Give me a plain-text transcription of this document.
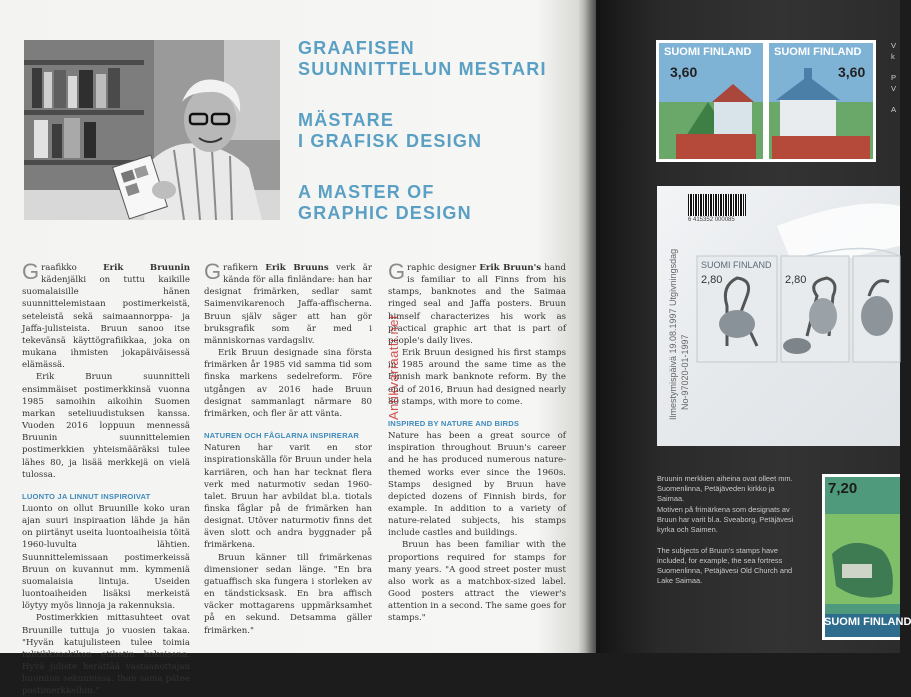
GRAAFISEN
SUUNNITTELUN MESTARI
MÄSTARE
I GRAFISK DESIGN
A MASTER OF
GRAPHIC DESIGN

Graafikko Erik Bruunin kädenjälki on tuttu kaikille suomalaisille hänen suunnittelemistaan postimerkeistä, seteleistä sekä saimaannorppa- ja Jaffa-julisteista. Bruun sanoo itse tekevänsä käyttögrafiikkaa, joka on mukana ihmisten jokapäiväisessä elämässä.

Erik Bruun suunnitteli ensimmäiset postimerkkinsä vuonna 1985 samoihin aikoihin Suomen markan seteliuudistuksen kanssa. Vuoden 2016 loppuun mennessä Bruunin suunnittelemien postimerkkien yhteismääräksi tulee lähes 80, ja lisää merkkejä on vielä tulossa.

LUONTO JA LINNUT INSPIROIVAT

Luonto on ollut Bruunille koko uran ajan suuri inspiraation lähde ja hän on piirtänyt useita luontoaiheisia töitä 1960-luvulta lähtien. Suunnittelemissaan postimerkeissä Bruun on kuvannut mm. kymmeniä suomalaisia lintuja. Useiden luontoaiheiden lisäksi merkeistä löytyy myös linnoja ja rakennuksia.

Postimerkkien mittasuhteet ovat Bruunille tuttuja jo vuosien takaa. "Hyvän katujulisteen tulee toimia tulitikkuaskikon etiketin kokoisena. Hyvä juliste herättää vastaanottajan huomion sekunnissa. Ihan sama pätee postimerkkeihin."

Grafikern Erik Bruuns verk är kända för alla finländare: han har designat frimärken, sedlar samt Saimenvikarenoch Jaffa-affischerna. Bruun själv säger att han gör bruksgrafik som är med i människornas vardagsliv.

Erik Bruun designade sina första frimärken år 1985 vid samma tid som finska markens sedelreform. Före utgången av 2016 hade Bruun designat sammanlagt närmare 80 frimärken, och fler är att vänta.

NATUREN OCH FÅGLARNA INSPIRERAR

Naturen har varit en stor inspirationskälla för Bruun under hela karriären, och han har tecknat flera verk med naturmotiv sedan 1960-talet. Bruun har avbildat bl.a. tiotals finska fåglar på de frimärken han designat. Utöver naturmotiv finns det även slott och andra byggnader på frimärkena.

Bruun känner till frimärkenas dimensioner sedan länge. "En bra gatuaffisch ska fungera i storleken av en tändsticksask. En bra affisch väcker mottagarens uppmärksamhet på en sekund. Detsamma gäller frimärken."

Graphic designer Erik Bruun's hand is familiar to all Finns from his stamps, banknotes and the Saimaa ringed seal and Jaffa posters. Bruun himself characterizes his work as practical graphic art that is part of people's daily lives.

Erik Bruun designed his first stamps in 1985 around the same time as the Finnish mark banknote reform. By the end of 2016, Bruun had designed nearly 80 stamps, with more to come.

INSPIRED BY NATURE AND BIRDS

Nature has been a great source of inspiration throughout Bruun's career and he has produced numerous nature-themed works ever since the 1960s. Stamps designed by Bruun have depicted dozens of Finnish birds, for example. In addition to a variety of nature-related subjects, his stamps include castles and buildings.

Bruun has been familiar with the proportions required for stamps for many years. "A good street poster must also work as a matchbox-sized label. Good posters attract the viewer's attention in a second. The same goes for stamps."

Antikvariaatti.net
SUOMI FINLAND SUOMI FINLAND
3,60	3,60
SUOMI FINLAND
2,80	2,80
6 415352 000085
Ilmestymispäivä 19.08.1997 Utgivningsdag No-97020-01-1997
Bruunin merkkien aiheina ovat olleet mm. Suomenlinna, Petäjäveden kirkko ja Saimaa.
Motiven på frimärkena som designats av Bruun har varit bl.a. Sveaborg, Petäjävesi kyrka och Saimen.
The subjects of Bruun's stamps have included, for example, the sea fortress Suomenlinna, Petäjävesi Old Church and Lake Saimaa.
7,20
SUOMI FINLAND
V
k
P
V
A
